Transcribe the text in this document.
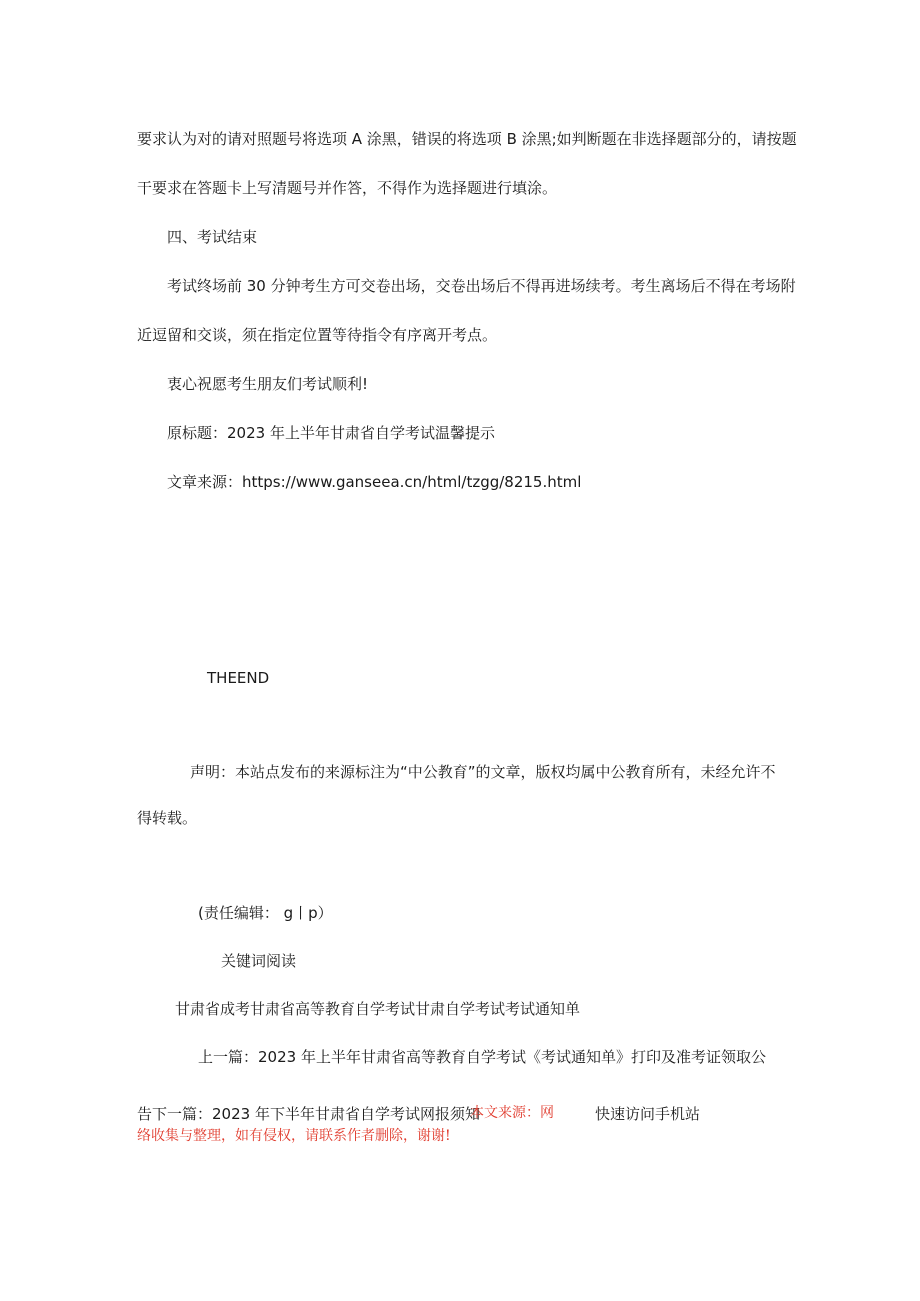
要求认为对的请对照题号将选项 A 涂黑，错误的将选项 B 涂黑;如判断题在非选择题部分的，请按题
干要求在答题卡上写清题号并作答，不得作为选择题进行填涂。
四、考试结束
考试终场前 30 分钟考生方可交卷出场，交卷出场后不得再进场续考。考生离场后不得在考场附
近逗留和交谈，须在指定位置等待指令有序离开考点。
衷心祝愿考生朋友们考试顺利!
原标题：2023 年上半年甘肃省自学考试温馨提示
文章来源：https://www.ganseea.cn/html/tzgg/8215.html
THEEND
声明：本站点发布的来源标注为“中公教育”的文章，版权均属中公教育所有，未经允许不
得转载。
(责任编辑： g丨p）
关键词阅读
甘肃省成考甘肃省高等教育自学考试甘肃自学考试考试通知单
上一篇：2023 年上半年甘肃省高等教育自学考试《考试通知单》打印及准考证领取公
告下一篇：2023 年下半年甘肃省自学考试网报须知
本文来源：网	快速访问手机站
络收集与整理，如有侵权，请联系作者删除，谢谢!
